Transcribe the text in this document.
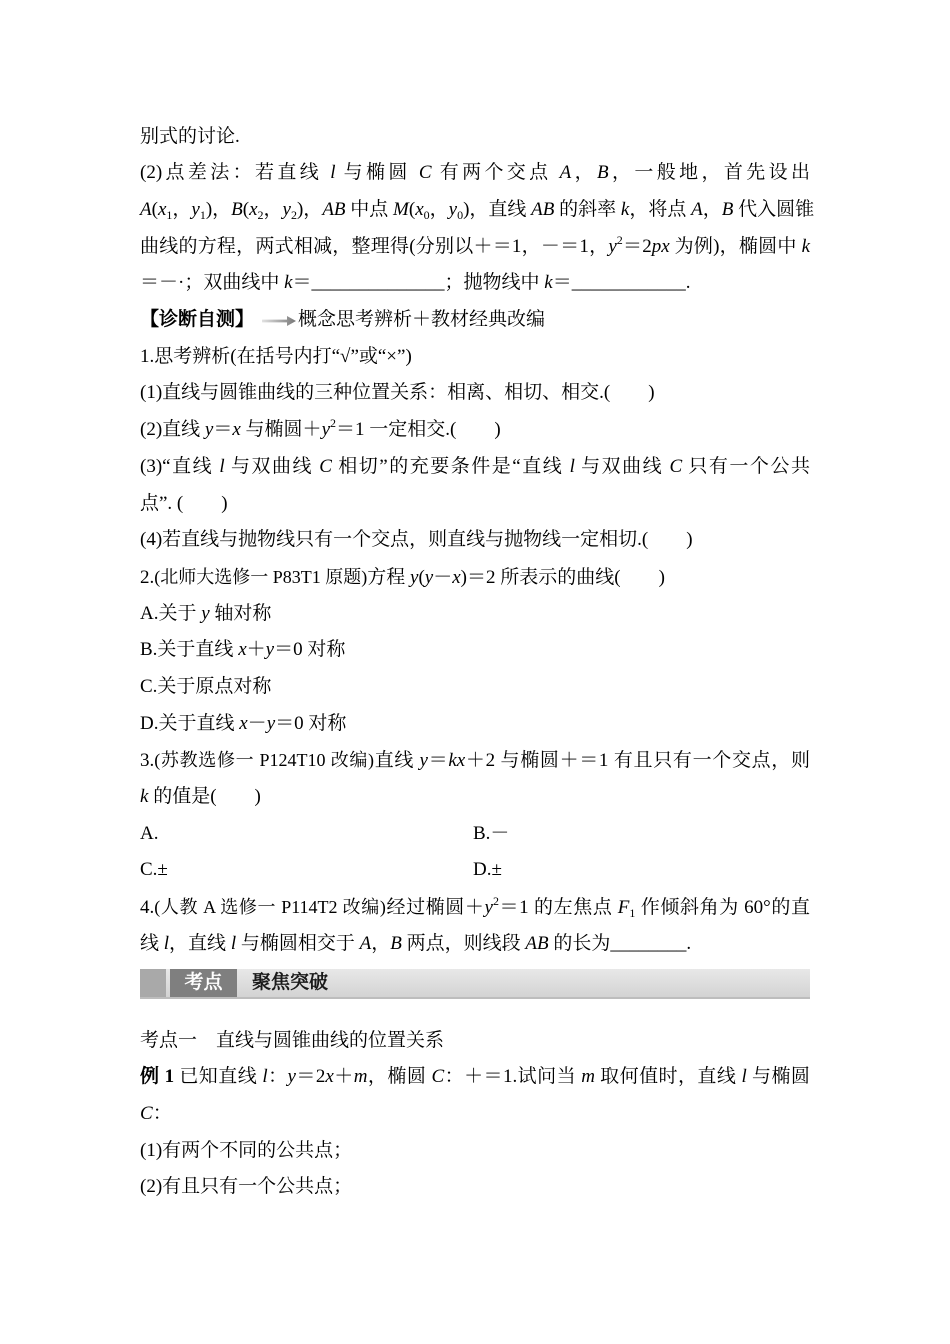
别式的讨论.
(2)点差法：若直线 l 与椭圆 C 有两个交点 A，B，一般地，首先设出
$A(x_1$，$y_1$)，$B(x_2$，$y_2$)，AB 中点 $M(x_0$，$y_0$)，直线 AB 的斜率 k，将点 A，B 代入圆锥
曲线的方程，两式相减，整理得(分别以＋＝1，－＝1，$y^2=2px$ 为例)，椭圆中 k
＝－·；双曲线中 k＝______________；抛物线中 k＝____________.
【诊断自测】 概念思考辨析＋教材经典改编
1.思考辨析(在括号内打“√”或“×”)
(1)直线与圆锥曲线的三种位置关系：相离、相切、相交.(　　)
(2)直线 y＝x 与椭圆$+y^2=1$ 一定相交.(　　)
(3)“直线 l 与双曲线 C 相切”的充要条件是“直线 l 与双曲线 C 只有一个公共
点”. (　　)
(4)若直线与抛物线只有一个交点，则直线与抛物线一定相切.(　　)
2.(北师大选修一 P83T1 原题)方程 y(y－x)＝2 所表示的曲线(　　)
A.关于 y 轴对称
B.关于直线 x＋y＝0 对称
C.关于原点对称
D.关于直线 x－y＝0 对称
3.(苏教选修一 P124T10 改编)直线 y＝kx＋2 与椭圆＋＝1 有且只有一个交点，则
k 的值是(　　)
A.	B.－
C.±	D.±
4.(人教 A 选修一 P114T2 改编)经过椭圆$+y^2=1$ 的左焦点 $F_1$ 作倾斜角为 60°的直
线 l，直线 l 与椭圆相交于 A，B 两点，则线段 AB 的长为________.
考点	聚焦突破
考点一　直线与圆锥曲线的位置关系
例 1 已知直线 l：y＝2x＋m，椭圆 C：＋＝1.试问当 m 取何值时，直线 l 与椭圆
C：
(1)有两个不同的公共点；
(2)有且只有一个公共点；
